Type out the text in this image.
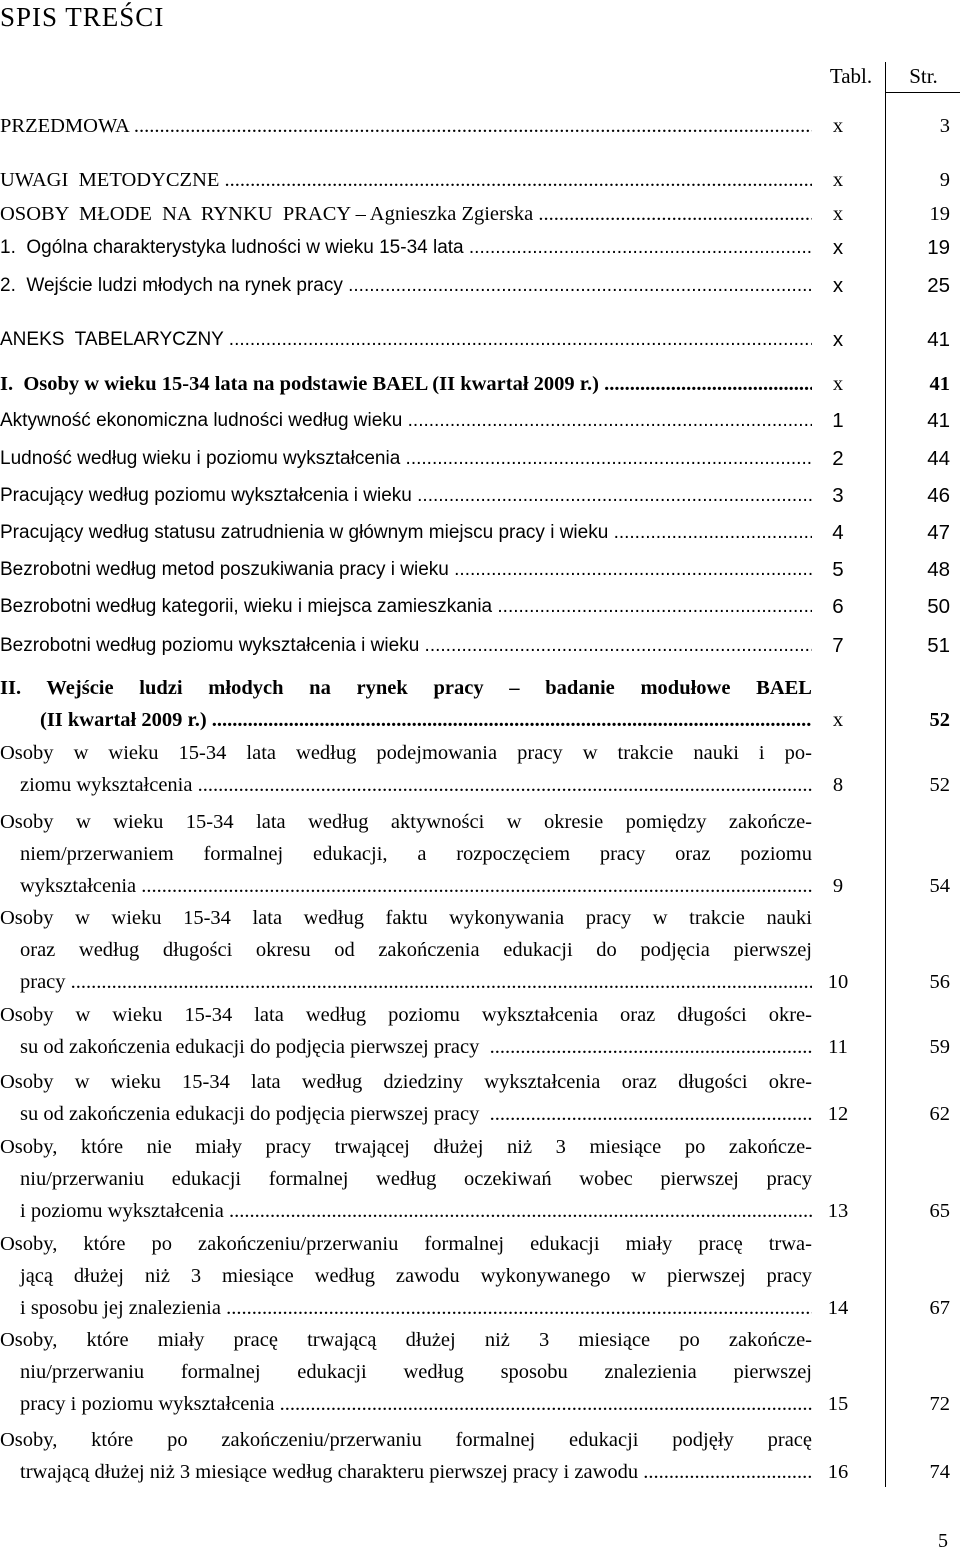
SPIS TREŚCI
Tabl.	Str.
PRZEDMOWA .....	x	3
UWAGI  METODYCZNE .....	x	9
OSOBY  MŁODE  NA  RYNKU  PRACY – Agnieszka Zgierska .....	x	19
1.  Ogólna charakterystyka ludności w wieku 15-34 lata .....	x	19
2.  Wejście ludzi młodych na rynek pracy .....	x	25
ANEKS  TABELARYCZNY .....	x	41
I.  Osoby w wieku 15-34 lata na podstawie BAEL (II kwartał 2009 r.) .....	x	41
Aktywność ekonomiczna ludności według wieku .....	1	41
Ludność według wieku i poziomu wykształcenia .....	2	44
Pracujący według poziomu wykształcenia i wieku .....	3	46
Pracujący według statusu zatrudnienia w głównym miejscu pracy i wieku .....	4	47
Bezrobotni według metod poszukiwania pracy i wieku .....	5	48
Bezrobotni według kategorii, wieku i miejsca zamieszkania .....	6	50
Bezrobotni według poziomu wykształcenia i wieku .....	7	51
II. Wejście ludzi młodych na rynek pracy – badanie modułowe BAEL
(II kwartał 2009 r.) .....	x	52
Osoby w wieku 15-34 lata według podejmowania pracy w trakcie nauki i po-
ziomu wykształcenia .....	8	52
Osoby w wieku 15-34 lata według aktywności w okresie pomiędzy zakończe-
niem/przerwaniem formalnej edukacji, a rozpoczęciem pracy oraz poziomu
wykształcenia .....	9	54
Osoby w wieku 15-34 lata według faktu wykonywania pracy w trakcie nauki
oraz według długości okresu od zakończenia edukacji do podjęcia pierwszej
pracy .....	10	56
Osoby w wieku 15-34 lata według poziomu wykształcenia oraz długości okre-
su od zakończenia edukacji do podjęcia pierwszej pracy .....	11	59
Osoby w wieku 15-34 lata według dziedziny wykształcenia oraz długości okre-
su od zakończenia edukacji do podjęcia pierwszej pracy .....	12	62
Osoby, które nie miały pracy trwającej dłużej niż 3 miesiące po zakończe-
niu/przerwaniu edukacji formalnej według oczekiwań wobec pierwszej pracy
i poziomu wykształcenia .....	13	65
Osoby, które po zakończeniu/przerwaniu formalnej edukacji miały pracę trwa-
jącą dłużej niż 3 miesiące według zawodu wykonywanego w pierwszej pracy
i sposobu jej znalezienia .....	14	67
Osoby, które miały pracę trwającą dłużej niż 3 miesiące po zakończe-
niu/przerwaniu formalnej edukacji według sposobu znalezienia pierwszej
pracy i poziomu wykształcenia .....	15	72
Osoby, które po zakończeniu/przerwaniu formalnej edukacji podjęły pracę
trwającą dłużej niż 3 miesiące według charakteru pierwszej pracy i zawodu .....	16	74
5
